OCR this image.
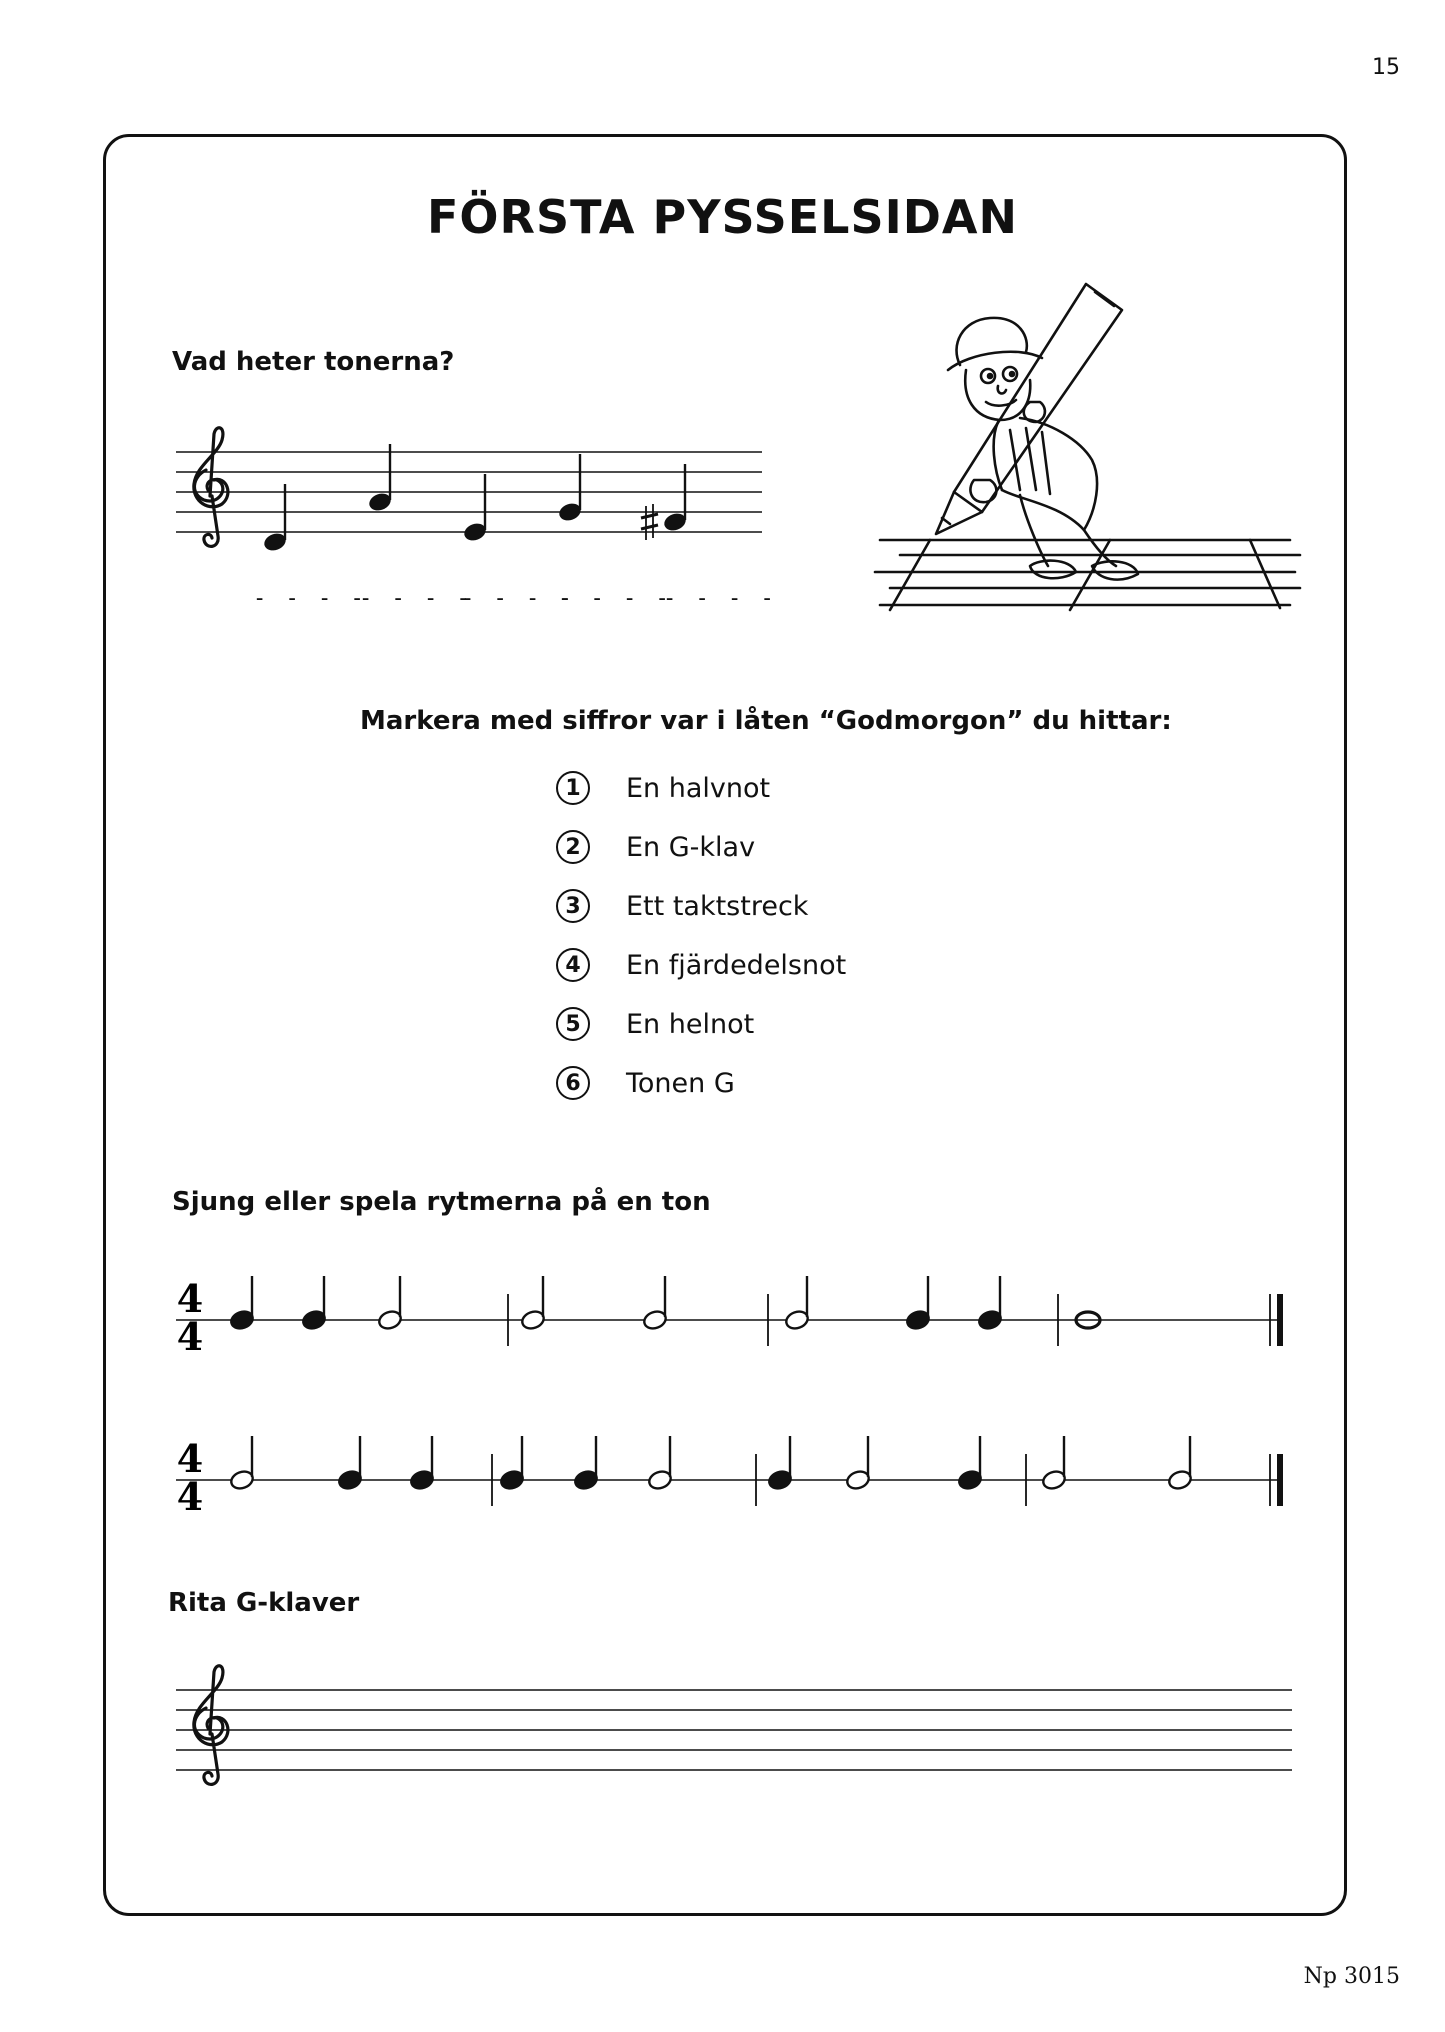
15
FÖRSTA PYSSELSIDAN
Vad heter tonerna?
- - - -
- - - -
- - - -
- - - -
- - - -
Markera med siffror var i låten “Godmorgon” du hittar:
1	En halvnot
2	En G-klav
3	Ett taktstreck
4	En fjärdedelsnot
5	En helnot
6	Tonen G
Sjung eller spela rytmerna på en ton
4
4
4
4
Rita G-klaver
Np 3015
